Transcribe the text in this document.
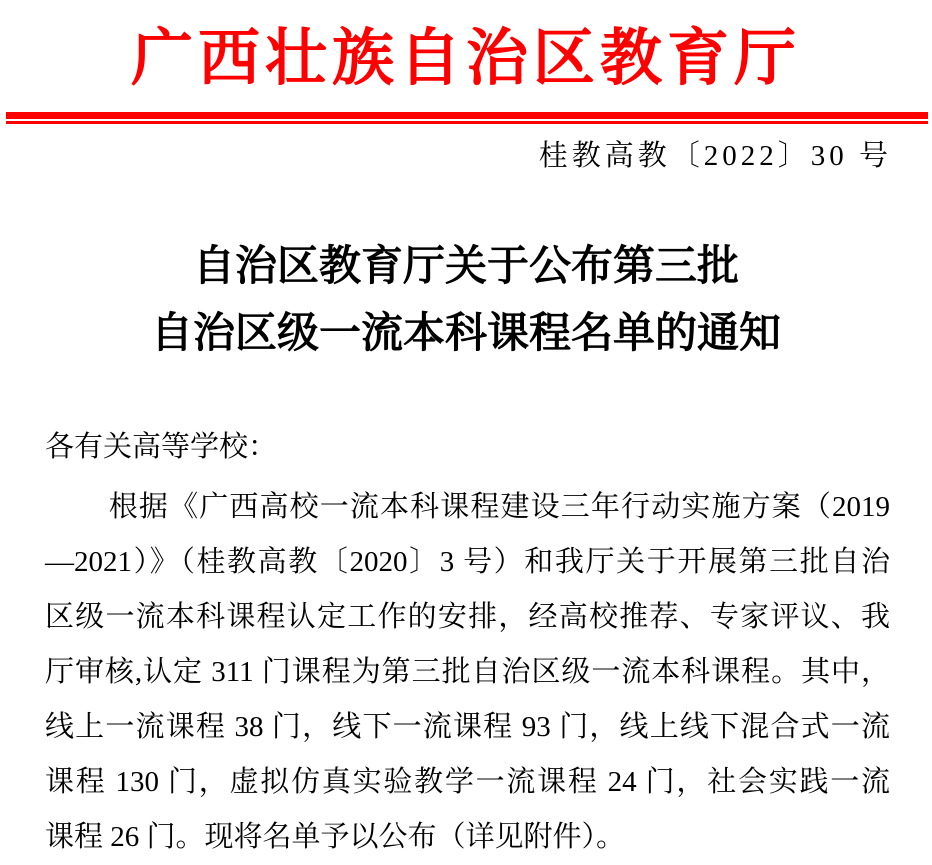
广西壮族自治区教育厅
桂教高教〔2022〕30 号
自治区教育厅关于公布第三批
自治区级一流本科课程名单的通知
各有关高等学校：
根据《广西高校一流本科课程建设三年行动实施方案（2019
—2021）》（桂教高教〔2020〕3 号）和我厅关于开展第三批自治
区级一流本科课程认定工作的安排，经高校推荐、专家评议、我
厅审核,认定 311 门课程为第三批自治区级一流本科课程。其中，
线上一流课程 38 门，线下一流课程 93 门，线上线下混合式一流
课程 130 门，虚拟仿真实验教学一流课程 24 门，社会实践一流
课程 26 门。现将名单予以公布（详见附件）。
